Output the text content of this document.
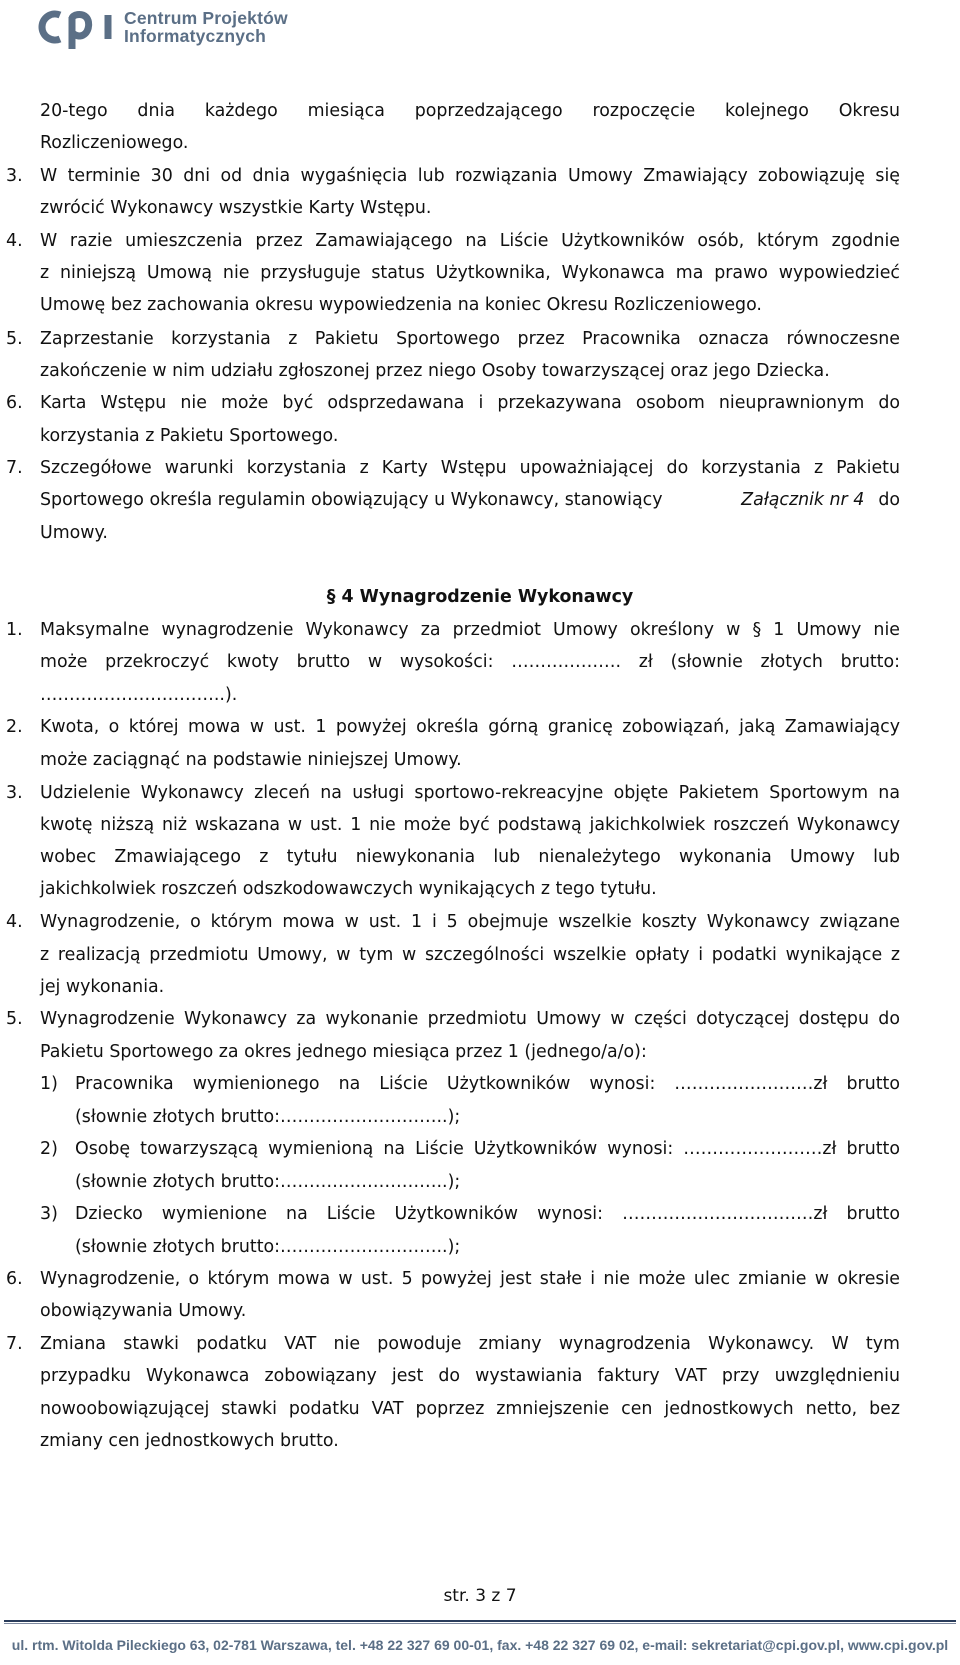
Centrum Projektów
Informatycznych
20-tego dnia każdego miesiąca poprzedzającego rozpoczęcie kolejnego Okresu
Rozliczeniowego.
3. W terminie 30 dni od dnia wygaśnięcia lub rozwiązania Umowy Zmawiający zobowiązuję się
zwrócić Wykonawcy wszystkie Karty Wstępu.
4. W razie umieszczenia przez Zamawiającego na Liście Użytkowników osób, którym zgodnie
z niniejszą Umową nie przysługuje status Użytkownika, Wykonawca ma prawo wypowiedzieć
Umowę bez zachowania okresu wypowiedzenia na koniec Okresu Rozliczeniowego.
5. Zaprzestanie korzystania z Pakietu Sportowego przez Pracownika oznacza równoczesne
zakończenie w nim udziału zgłoszonej przez niego Osoby towarzyszącej oraz jego Dziecka.
6. Karta Wstępu nie może być odsprzedawana i przekazywana osobom nieuprawnionym do
korzystania z Pakietu Sportowego.
7. Szczegółowe warunki korzystania z Karty Wstępu upoważniającej do korzystania z Pakietu
Sportowego określa regulamin obowiązujący u Wykonawcy, stanowiący	Załącznik nr 4 do
Umowy.
§ 4 Wynagrodzenie Wykonawcy
1. Maksymalne wynagrodzenie Wykonawcy za przedmiot Umowy określony w § 1 Umowy nie
może przekroczyć kwoty brutto w wysokości: ………………. zł (słownie złotych brutto:
…………………………..).
2. Kwota, o której mowa w ust. 1 powyżej określa górną granicę zobowiązań, jaką Zamawiający
może zaciągnąć na podstawie niniejszej Umowy.
3. Udzielenie Wykonawcy zleceń na usługi sportowo-rekreacyjne objęte Pakietem Sportowym na
kwotę niższą niż wskazana w ust. 1 nie może być podstawą jakichkolwiek roszczeń Wykonawcy
wobec Zmawiającego z tytułu niewykonania lub nienależytego wykonania Umowy lub
jakichkolwiek roszczeń odszkodowawczych wynikających z tego tytułu.
4. Wynagrodzenie, o którym mowa w ust. 1 i 5 obejmuje wszelkie koszty Wykonawcy związane
z realizacją przedmiotu Umowy, w tym w szczególności wszelkie opłaty i podatki wynikające z
jej wykonania.
5. Wynagrodzenie Wykonawcy za wykonanie przedmiotu Umowy w części dotyczącej dostępu do
Pakietu Sportowego za okres jednego miesiąca przez 1 (jednego/a/o):
1) Pracownika wymienionego na Liście Użytkowników wynosi: ……………………zł brutto
(słownie złotych brutto:………………………..);
2) Osobę towarzyszącą wymienioną na Liście Użytkowników wynosi: ……………………zł brutto
(słownie złotych brutto:………………………..);
3) Dziecko wymienione na Liście Użytkowników wynosi: ……………………………zł brutto
(słownie złotych brutto:………………………..);
6. Wynagrodzenie, o którym mowa w ust. 5 powyżej jest stałe i nie może ulec zmianie w okresie
obowiązywania Umowy.
7. Zmiana stawki podatku VAT nie powoduje zmiany wynagrodzenia Wykonawcy. W tym
przypadku Wykonawca zobowiązany jest do wystawiania faktury VAT przy uwzględnieniu
nowoobowiązującej stawki podatku VAT poprzez zmniejszenie cen jednostkowych netto, bez
zmiany cen jednostkowych brutto.
str. 3 z 7
ul. rtm. Witolda Pileckiego 63, 02-781 Warszawa, tel. +48 22 327 69 00-01, fax. +48 22 327 69 02, e-mail: sekretariat@cpi.gov.pl, www.cpi.gov.pl
